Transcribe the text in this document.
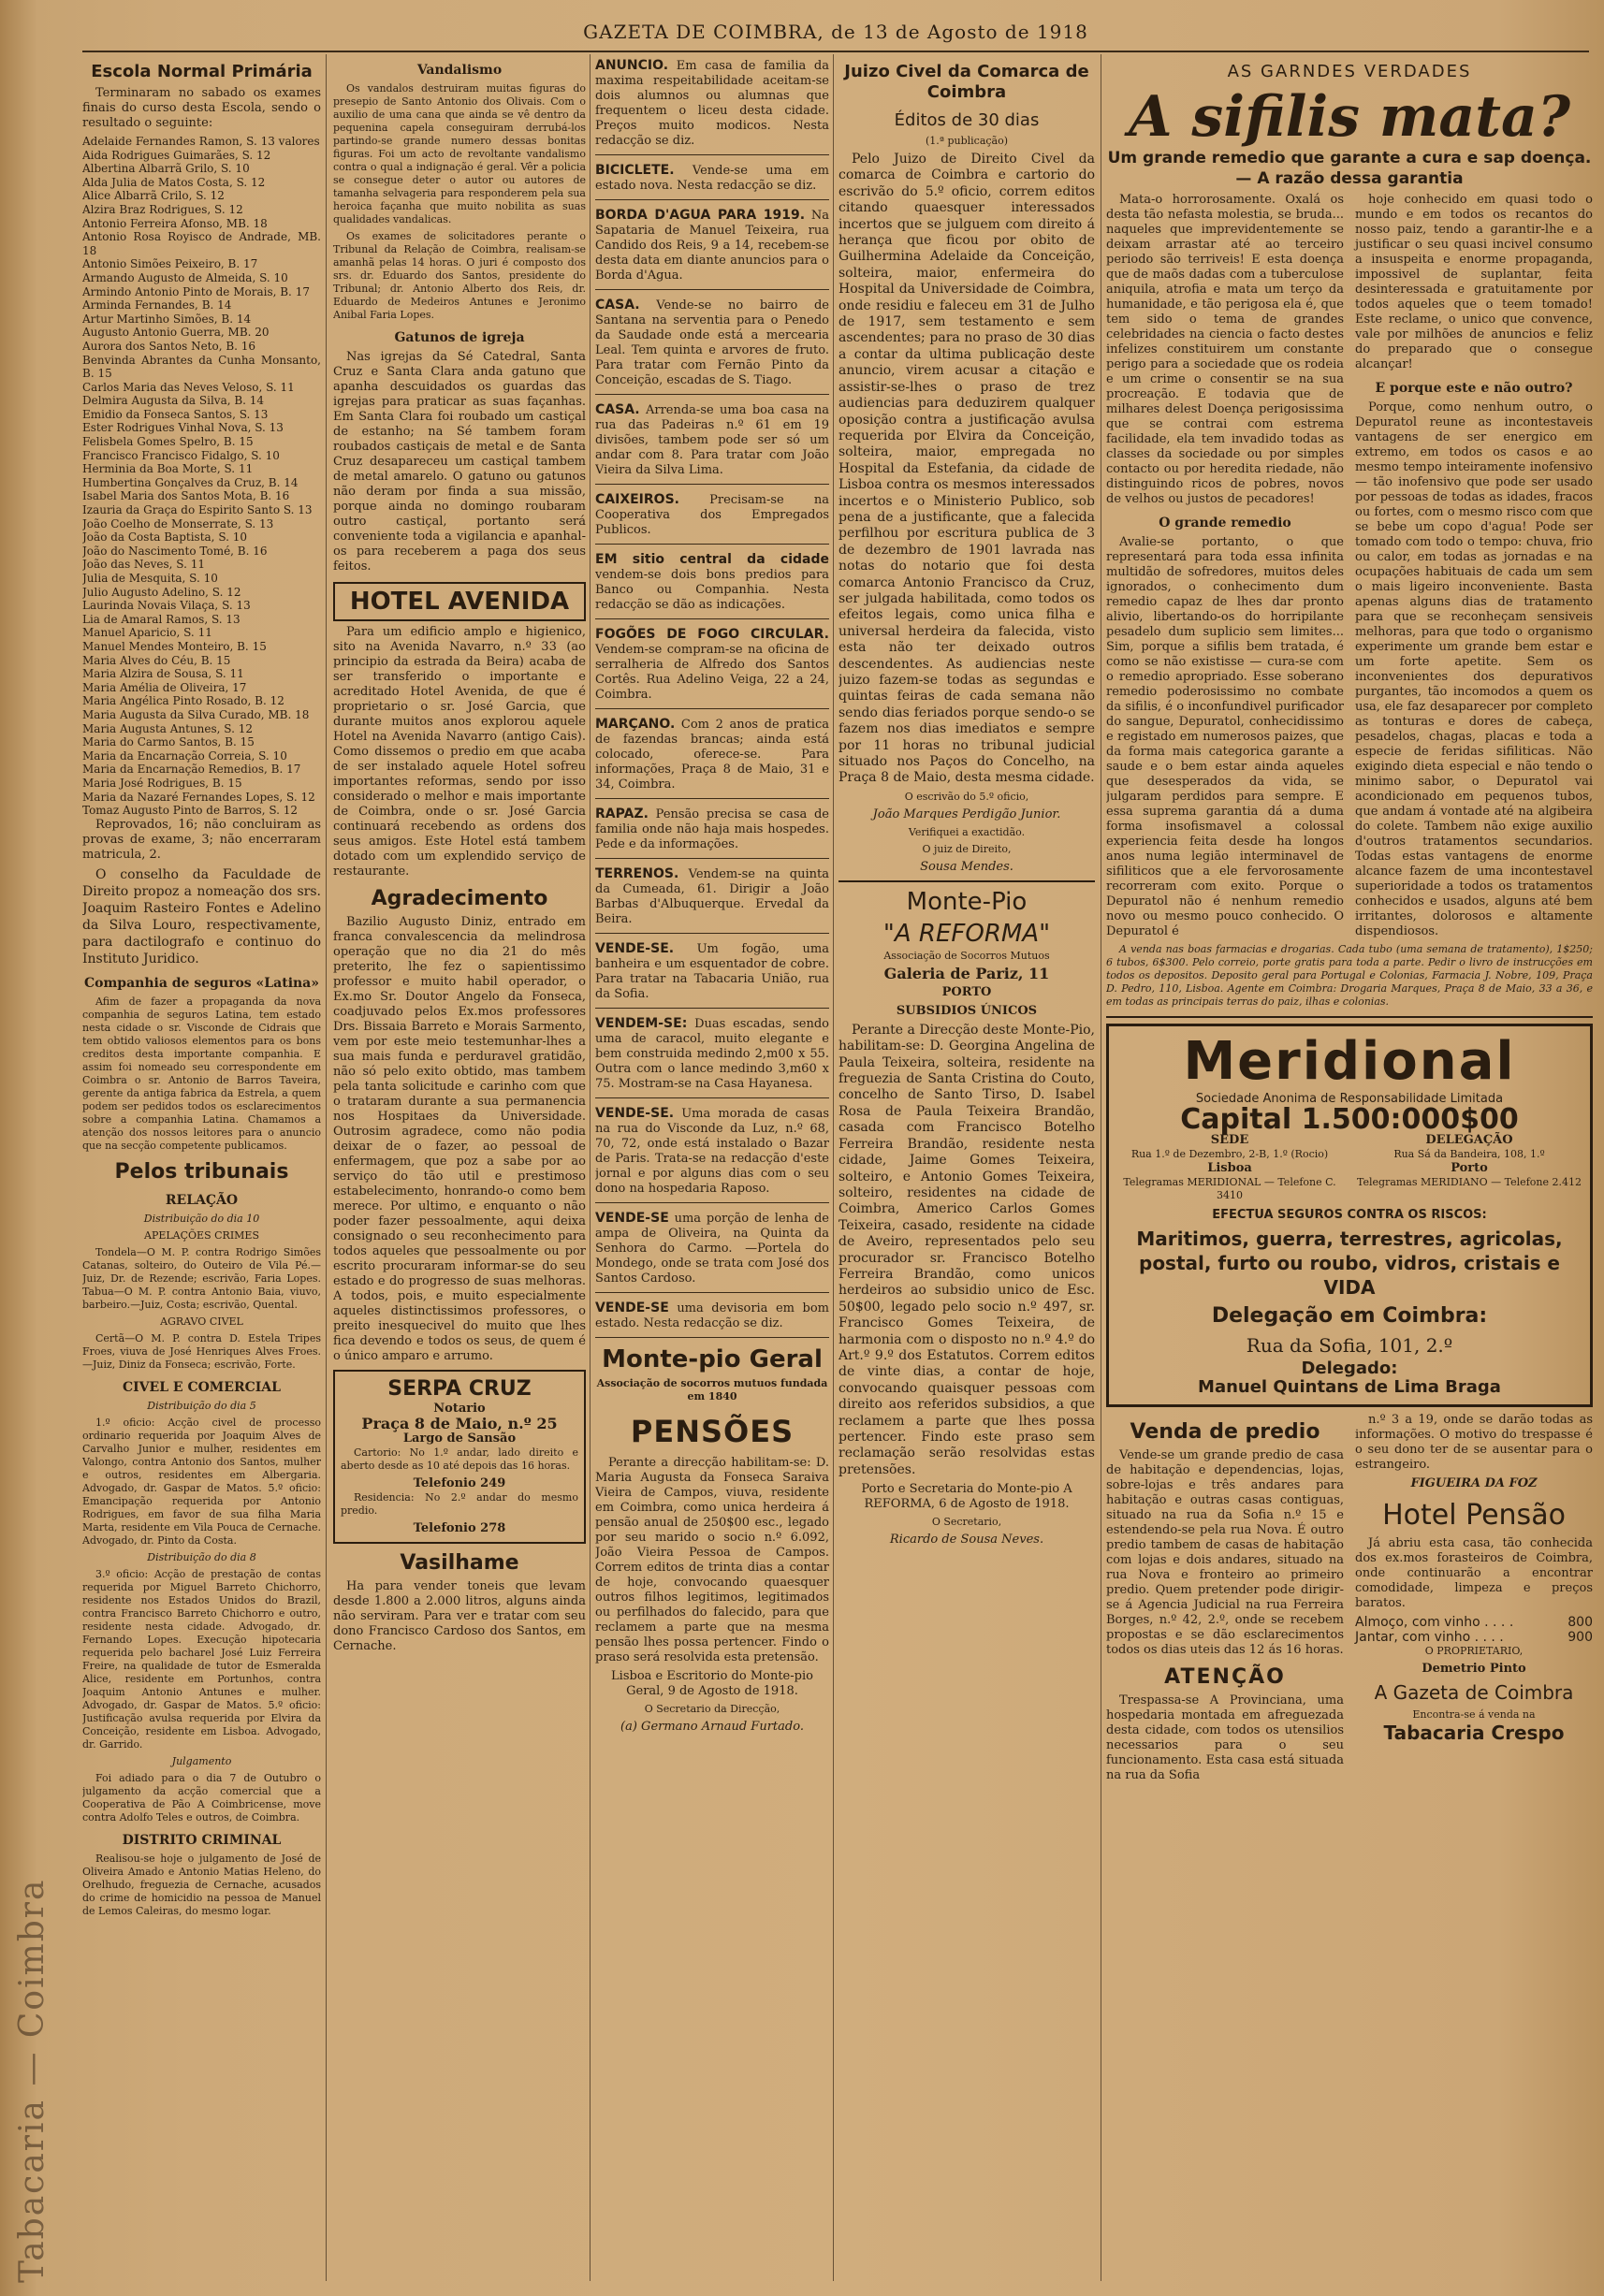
Tabacaria — Coimbra
GAZETA DE COIMBRA, de 13 de Agosto de 1918
Escola Normal Primária

Terminaram no sabado os exames finais do curso desta Escola, sendo o resultado o seguinte:

Adelaide Fernandes Ramon, S. 13 valores
Aida Rodrigues Guimarães, S. 12
Albertina Albarrã Grilo, S. 10
Alda Julia de Matos Costa, S. 12
Alice Albarrã Crilo, S. 12
Alzira Braz Rodrigues, S. 12
Antonio Ferreira Afonso, MB. 18
Antonio Rosa Royisco de Andrade, MB. 18
Antonio Simões Peixeiro, B. 17
Armando Augusto de Almeida, S. 10
Armindo Antonio Pinto de Morais, B. 17
Arminda Fernandes, B. 14
Artur Martinho Simões, B. 14
Augusto Antonio Guerra, MB. 20
Aurora dos Santos Neto, B. 16
Benvinda Abrantes da Cunha Monsanto, B. 15
Carlos Maria das Neves Veloso, S. 11
Delmira Augusta da Silva, B. 14
Emidio da Fonseca Santos, S. 13
Ester Rodrigues Vinhal Nova, S. 13
Felisbela Gomes Spelro, B. 15
Francisco Francisco Fidalgo, S. 10
Herminia da Boa Morte, S. 11
Humbertina Gonçalves da Cruz, B. 14
Isabel Maria dos Santos Mota, B. 16
Izauria da Graça do Espirito Santo S. 13
João Coelho de Monserrate, S. 13
João da Costa Baptista, S. 10
João do Nascimento Tomé, B. 16
João das Neves, S. 11
Julia de Mesquita, S. 10
Julio Augusto Adelino, S. 12
Laurinda Novais Vilaça, S. 13
Lia de Amaral Ramos, S. 13
Manuel Aparicio, S. 11
Manuel Mendes Monteiro, B. 15
Maria Alves do Céu, B. 15
Maria Alzira de Sousa, S. 11
Maria Amélia de Oliveira, 17
Maria Angélica Pinto Rosado, B. 12
Maria Augusta da Silva Curado, MB. 18
Maria Augusta Antunes, S. 12
Maria do Carmo Santos, B. 15
Maria da Encarnação Correia, S. 10
Maria da Encarnação Remedios, B. 17
Maria José Rodrigues, B. 15
Maria da Nazaré Fernandes Lopes, S. 12
Tomaz Augusto Pinto de Barros, S. 12

Reprovados, 16; não concluiram as provas de exame, 3; não encerraram matricula, 2.

O conselho da Faculdade de Direito propoz a nomeação dos srs. Joaquim Rasteiro Fontes e Adelino da Silva Louro, respectivamente, para dactilografo e continuo do Instituto Juridico.

Companhia de seguros «Latina»

Afim de fazer a propaganda da nova companhia de seguros Latina, tem estado nesta cidade o sr. Visconde de Cidrais que tem obtido valiosos elementos para os bons creditos desta importante companhia. E assim foi nomeado seu correspondente em Coimbra o sr. Antonio de Barros Taveira, gerente da antiga fabrica da Estrela, a quem podem ser pedidos todos os esclarecimentos sobre a companhia Latina. Chamamos a atenção dos nossos leitores para o anuncio que na secção competente publicamos.

Pelos tribunais
RELAÇÃO

Distribuição do dia 10

APELAÇÕES CRIMES

Tondela—O M. P. contra Rodrigo Simões Catanas, solteiro, do Outeiro de Vila Pé.—Juiz, Dr. de Rezende; escrivão, Faria Lopes. Tabua—O M. P. contra Antonio Baia, viuvo, barbeiro.—Juiz, Costa; escrivão, Quental.

AGRAVO CIVEL

Certã—O M. P. contra D. Estela Tripes Froes, viuva de José Henriques Alves Froes.—Juiz, Diniz da Fonseca; escrivão, Forte.

CIVEL E COMERCIAL

Distribuição do dia 5

1.º oficio: Acção civel de processo ordinario requerida por Joaquim Alves de Carvalho Junior e mulher, residentes em Valongo, contra Antonio dos Santos, mulher e outros, residentes em Albergaria. Advogado, dr. Gaspar de Matos. 5.º oficio: Emancipação requerida por Antonio Rodrigues, em favor de sua filha Maria Marta, residente em Vila Pouca de Cernache. Advogado, dr. Pinto da Costa.

Distribuição do dia 8

3.º oficio: Acção de prestação de contas requerida por Miguel Barreto Chichorro, residente nos Estados Unidos do Brazil, contra Francisco Barreto Chichorro e outro, residente nesta cidade. Advogado, dr. Fernando Lopes. Execução hipotecaria requerida pelo bacharel José Luiz Ferreira Freire, na qualidade de tutor de Esmeralda Alice, residente em Portunhos, contra Joaquim Antonio Antunes e mulher. Advogado, dr. Gaspar de Matos. 5.º oficio: Justificação avulsa requerida por Elvira da Conceição, residente em Lisboa. Advogado, dr. Garrido.

Julgamento

Foi adiado para o dia 7 de Outubro o julgamento da acção comercial que a Cooperativa de Pão A Coimbricense, move contra Adolfo Teles e outros, de Coimbra.

DISTRITO CRIMINAL

Realisou-se hoje o julgamento de José de Oliveira Amado e Antonio Matias Heleno, do Orelhudo, freguezia de Cernache, acusados do crime de homicidio na pessoa de Manuel de Lemos Caleiras, do mesmo logar.

Vandalismo

Os vandalos destruiram muitas figuras do presepio de Santo Antonio dos Olivais. Com o auxilio de uma cana que ainda se vê dentro da pequenina capela conseguiram derrubá-los partindo-se grande numero dessas bonitas figuras. Foi um acto de revoltante vandalismo contra o qual a indignação é geral. Vêr a policia se consegue deter o autor ou autores de tamanha selvageria para responderem pela sua heroica façanha que muito nobilita as suas qualidades vandalicas.

Os exames de solicitadores perante o Tribunal da Relação de Coimbra, realisam-se amanhã pelas 14 horas. O juri é composto dos srs. dr. Eduardo dos Santos, presidente do Tribunal; dr. Antonio Alberto dos Reis, dr. Eduardo de Medeiros Antunes e Jeronimo Anibal Faria Lopes.

Gatunos de igreja

Nas igrejas da Sé Catedral, Santa Cruz e Santa Clara anda gatuno que apanha descuidados os guardas das igrejas para praticar as suas façanhas. Em Santa Clara foi roubado um castiçal de estanho; na Sé tambem foram roubados castiçais de metal e de Santa Cruz desapareceu um castiçal tambem de metal amarelo. O gatuno ou gatunos não deram por finda a sua missão, porque ainda no domingo roubaram outro castiçal, portanto será conveniente toda a vigilancia e apanhal-os para receberem a paga dos seus feitos.

HOTEL AVENIDA

Para um edificio amplo e higienico, sito na Avenida Navarro, n.º 33 (ao principio da estrada da Beira) acaba de ser transferido o importante e acreditado Hotel Avenida, de que é proprietario o sr. José Garcia, que durante muitos anos explorou aquele Hotel na Avenida Navarro (antigo Cais). Como dissemos o predio em que acaba de ser instalado aquele Hotel sofreu importantes reformas, sendo por isso considerado o melhor e mais importante de Coimbra, onde o sr. José Garcia continuará recebendo as ordens dos seus amigos. Este Hotel está tambem dotado com um explendido serviço de restaurante.

Agradecimento

Bazilio Augusto Diniz, entrado em franca convalescencia da melindrosa operação que no dia 21 do mês preterito, lhe fez o sapientissimo professor e muito habil operador, o Ex.mo Sr. Doutor Angelo da Fonseca, coadjuvado pelos Ex.mos professores Drs. Bissaia Barreto e Morais Sarmento, vem por este meio testemunhar-lhes a sua mais funda e perduravel gratidão, não só pelo exito obtido, mas tambem pela tanta solicitude e carinho com que o trataram durante a sua permanencia nos Hospitaes da Universidade. Outrosim agradece, como não podia deixar de o fazer, ao pessoal de enfermagem, que poz a sabe por ao serviço do tão util e prestimoso estabelecimento, honrando-o como bem merece. Por ultimo, e enquanto o não poder fazer pessoalmente, aqui deixa consignado o seu reconhecimento para todos aqueles que pessoalmente ou por escrito procuraram informar-se do seu estado e do progresso de suas melhoras. A todos, pois, e muito especialmente aqueles distinctissimos professores, o preito inesquecivel do muito que lhes fica devendo e todos os seus, de quem é o único amparo e arrumo.

SERPA CRUZ
Notario
Praça 8 de Maio, n.º 25
Largo de Sansão

Cartorio: No 1.º andar, lado direito e aberto desde as 10 até depois das 16 horas.

Telefonio 249

Residencia: No 2.º andar do mesmo predio.

Telefonio 278
Vasilhame

Ha para vender toneis que levam desde 1.800 a 2.000 litros, alguns ainda não serviram. Para ver e tratar com seu dono Francisco Cardoso dos Santos, em Cernache.

ANUNCIO. Em casa de familia da maxima respeitabilidade aceitam-se dois alumnos ou alumnas que frequentem o liceu desta cidade. Preços muito modicos. Nesta redacção se diz.
BICICLETE. Vende-se uma em estado nova. Nesta redacção se diz.
BORDA D'AGUA PARA 1919. Na Sapataria de Manuel Teixeira, rua Candido dos Reis, 9 a 14, recebem-se desta data em diante anuncios para o Borda d'Agua.
CASA. Vende-se no bairro de Santana na serventia para o Penedo da Saudade onde está a mercearia Leal. Tem quinta e arvores de fruto. Para tratar com Fernão Pinto da Conceição, escadas de S. Tiago.
CASA. Arrenda-se uma boa casa na rua das Padeiras n.º 61 em 19 divisões, tambem pode ser só um andar com 8. Para tratar com João Vieira da Silva Lima.
CAIXEIROS. Precisam-se na Cooperativa dos Empregados Publicos.
EM sitio central da cidade vendem-se dois bons predios para Banco ou Companhia. Nesta redacção se dão as indicações.
FOGÕES DE FOGO CIRCULAR. Vendem-se compram-se na oficina de serralheria de Alfredo dos Santos Cortês. Rua Adelino Veiga, 22 a 24, Coimbra.
MARÇANO. Com 2 anos de pratica de fazendas brancas; ainda está colocado, oferece-se. Para informações, Praça 8 de Maio, 31 e 34, Coimbra.
RAPAZ. Pensão precisa se casa de familia onde não haja mais hospedes. Pede e da informações.
TERRENOS. Vendem-se na quinta da Cumeada, 61. Dirigir a João Barbas d'Albuquerque. Ervedal da Beira.
VENDE-SE. Um fogão, uma banheira e um esquentador de cobre. Para tratar na Tabacaria União, rua da Sofia.
VENDEM-SE: Duas escadas, sendo uma de caracol, muito elegante e bem construida medindo 2,m00 x 55. Outra com o lance medindo 3,m60 x 75. Mostram-se na Casa Hayanesa.
VENDE-SE. Uma morada de casas na rua do Visconde da Luz, n.º 68, 70, 72, onde está instalado o Bazar de Paris. Trata-se na redacção d'este jornal e por alguns dias com o seu dono na hospedaria Raposo.
VENDE-SE uma porção de lenha de ampa de Oliveira, na Quinta da Senhora do Carmo. —Portela do Mondego, onde se trata com José dos Santos Cardoso.
VENDE-SE uma devisoria em bom estado. Nesta redacção se diz.
Monte-pio Geral

Associação de socorros mutuos fundada em 1840

PENSÕES

Perante a direcção habilitam-se: D. Maria Augusta da Fonseca Saraiva Vieira de Campos, viuva, residente em Coimbra, como unica herdeira á pensão anual de 250$00 esc., legado por seu marido o socio n.º 6.092, João Vieira Pessoa de Campos. Correm editos de trinta dias a contar de hoje, convocando quaesquer outros filhos legitimos, legitimados ou perfilhados do falecido, para que reclamem a parte que na mesma pensão lhes possa pertencer. Findo o praso será resolvida esta pretensão.

Lisboa e Escritorio do Monte-pio Geral, 9 de Agosto de 1918.

O Secretario da Direcção,

(a) Germano Arnaud Furtado.

Juizo Civel da Comarca de Coimbra
Éditos de 30 dias

(1.ª publicação)

Pelo Juizo de Direito Civel da comarca de Coimbra e cartorio do escrivão do 5.º oficio, correm editos citando quaesquer interessados incertos que se julguem com direito á herança que ficou por obito de Guilhermina Adelaide da Conceição, solteira, maior, enfermeira do Hospital da Universidade de Coimbra, onde residiu e faleceu em 31 de Julho de 1917, sem testamento e sem ascendentes; para no praso de 30 dias a contar da ultima publicação deste anuncio, virem acusar a citação e assistir-se-lhes o praso de trez audiencias para deduzirem qualquer oposição contra a justificação avulsa requerida por Elvira da Conceição, solteira, maior, empregada no Hospital da Estefania, da cidade de Lisboa contra os mesmos interessados incertos e o Ministerio Publico, sob pena de a justificante, que a falecida perfilhou por escritura publica de 3 de dezembro de 1901 lavrada nas notas do notario que foi desta comarca Antonio Francisco da Cruz, ser julgada habilitada, como todos os efeitos legais, como unica filha e universal herdeira da falecida, visto esta não ter deixado outros descendentes. As audiencias neste juizo fazem-se todas as segundas e quintas feiras de cada semana não sendo dias feriados porque sendo-o se fazem nos dias imediatos e sempre por 11 horas no tribunal judicial situado nos Paços do Concelho, na Praça 8 de Maio, desta mesma cidade.

O escrivão do 5.º oficio,

João Marques Perdigão Junior.

Verifiquei a exactidão.

O juiz de Direito,

Sousa Mendes.

Monte-Pio
"A REFORMA"

Associação de Socorros Mutuos

Galeria de Pariz, 11

PORTO

SUBSIDIOS ÚNICOS

Perante a Direcção deste Monte-Pio, habilitam-se: D. Georgina Angelina de Paula Teixeira, solteira, residente na freguezia de Santa Cristina do Couto, concelho de Santo Tirso, D. Isabel Rosa de Paula Teixeira Brandão, casada com Francisco Botelho Ferreira Brandão, residente nesta cidade, Jaime Gomes Teixeira, solteiro, e Antonio Gomes Teixeira, solteiro, residentes na cidade de Coimbra, Americo Carlos Gomes Teixeira, casado, residente na cidade de Aveiro, representados pelo seu procurador sr. Francisco Botelho Ferreira Brandão, como unicos herdeiros ao subsidio unico de Esc. 50$00, legado pelo socio n.º 497, sr. Francisco Gomes Teixeira, de harmonia com o disposto no n.º 4.º do Art.º 9.º dos Estatutos. Correm editos de vinte dias, a contar de hoje, convocando quaisquer pessoas com direito aos referidos subsidios, a que reclamem a parte que lhes possa pertencer. Findo este praso sem reclamação serão resolvidas estas pretensões.

Porto e Secretaria do Monte-pio A REFORMA, 6 de Agosto de 1918.

O Secretario,

Ricardo de Sousa Neves.

AS GARNDES VERDADES
A sifilis mata?

Um grande remedio que garante a cura e sap doença. — A razão dessa garantia

Mata-o horrorosamente. Oxalá os desta tão nefasta molestia, se bruda... naqueles que imprevidentemente se deixam arrastar até ao terceiro periodo são terriveis! E esta doença que de maõs dadas com a tuberculose aniquila, atrofia e mata um terço da humanidade, e tão perigosa ela é, que tem sido o tema de grandes celebridades na ciencia o facto destes infelizes constituirem um constante perigo para a sociedade que os rodeia e um crime o consentir se na sua procreação. E todavia que de milhares delest Doença perigosissima que se contrai com estrema facilidade, ela tem invadido todas as classes da sociedade ou por simples contacto ou por heredita riedade, não distinguindo ricos de pobres, novos de velhos ou justos de pecadores!

O grande remedio

Avalie-se portanto, o que representará para toda essa infinita multidão de sofredores, muitos deles ignorados, o conhecimento dum remedio capaz de lhes dar pronto alivio, libertando-os do horripilante pesadelo dum suplicio sem limites... Sim, porque a sifilis bem tratada, é como se não existisse — cura-se com o remedio apropriado. Esse soberano remedio poderosissimo no combate da sifilis, é o inconfundivel purificador do sangue, Depuratol, conhecidissimo e registado em numerosos paizes, que da forma mais categorica garante a saude e o bem estar ainda aqueles que desesperados da vida, se julgaram perdidos para sempre. E essa suprema garantia dá a duma forma insofismavel a colossal experiencia feita desde ha longos anos numa legião interminavel de sifiliticos que a ele fervorosamente recorreram com exito. Porque o Depuratol não é nenhum remedio novo ou mesmo pouco conhecido. O Depuratol é

hoje conhecido em quasi todo o mundo e em todos os recantos do nosso paiz, tendo a garantir-lhe e a justificar o seu quasi incivel consumo a insuspeita e enorme propaganda, impossivel de suplantar, feita desinteressada e gratuitamente por todos aqueles que o teem tomado! Este reclame, o unico que convence, vale por milhões de anuncios e feliz do preparado que o consegue alcançar!

E porque este e não outro?

Porque, como nenhum outro, o Depuratol reune as incontestaveis vantagens de ser energico em extremo, em todos os casos e ao mesmo tempo inteiramente inofensivo — tão inofensivo que pode ser usado por pessoas de todas as idades, fracos ou fortes, com o mesmo risco com que se bebe um copo d'agua! Pode ser tomado com todo o tempo: chuva, frio ou calor, em todas as jornadas e na ocupações habituais de cada um sem o mais ligeiro inconveniente. Basta apenas alguns dias de tratamento para que se reconheçam sensiveis melhoras, para que todo o organismo experimente um grande bem estar e um forte apetite. Sem os inconvenientes dos depurativos purgantes, tão incomodos a quem os usa, ele faz desaparecer por completo as tonturas e dores de cabeça, pesadelos, chagas, placas e toda a especie de feridas sifiliticas. Não exigindo dieta especial e não tendo o minimo sabor, o Depuratol vai acondicionado em pequenos tubos, que andam á vontade até na algibeira do colete. Tambem não exige auxilio d'outros tratamentos secundarios. Todas estas vantagens de enorme alcance fazem de uma incontestavel superioridade a todos os tratamentos conhecidos e usados, alguns até bem irritantes, dolorosos e altamente dispendiosos.

A venda nas boas farmacias e drogarias. Cada tubo (uma semana de tratamento), 1$250; 6 tubos, 6$300. Pelo correio, porte gratis para toda a parte. Pedir o livro de instrucções em todos os depositos. Deposito geral para Portugal e Colonias, Farmacia J. Nobre, 109, Praça D. Pedro, 110, Lisboa. Agente em Coimbra: Drogaria Marques, Praça 8 de Maio, 33 a 36, e em todas as principais terras do paiz, ilhas e colonias.

Meridional

Sociedade Anonima de Responsabilidade Limitada

Capital 1.500:000$00
SÉDE
Rua 1.º de Dezembro, 2-B, 1.º (Rocio)
Lisboa
Telegramas MERIDIONAL — Telefone C. 3410
DELEGAÇÃO
Rua Sá da Bandeira, 108, 1.º
Porto
Telegramas MERIDIANO — Telefone 2.412

EFECTUA SEGUROS CONTRA OS RISCOS:

Maritimos, guerra, terrestres, agricolas, postal, furto ou roubo, vidros, cristais e VIDA

Delegação em Coimbra:

Rua da Sofia, 101, 2.º

Delegado:

Manuel Quintans de Lima Braga

Venda de predio

Vende-se um grande predio de casa de habitação e dependencias, lojas, sobre-lojas e três andares para habitação e outras casas contiguas, situado na rua da Sofia n.º 15 e estendendo-se pela rua Nova. É outro predio tambem de casas de habitação com lojas e dois andares, situado na rua Nova e fronteiro ao primeiro predio. Quem pretender pode dirigir-se á Agencia Judicial na rua Ferreira Borges, n.º 42, 2.º, onde se recebem propostas e se dão esclarecimentos todos os dias uteis das 12 ás 16 horas.

ATENÇÃO

Trespassa-se A Provinciana, uma hospedaria montada em afreguezada desta cidade, com todos os utensilios necessarios para o seu funcionamento. Esta casa está situada na rua da Sofia

n.º 3 a 19, onde se darão todas as informações. O motivo do trespasse é o seu dono ter de se ausentar para o estrangeiro.

FIGUEIRA DA FOZ

Hotel Pensão

Já abriu esta casa, tão conhecida dos ex.mos forasteiros de Coimbra, onde continuarão a encontrar comodidade, limpeza e preços baratos.

Almoço, com vinho . . . .	800
Jantar, com vinho . . . .	900

O PROPRIETARIO,

Demetrio Pinto

A Gazeta de Coimbra

Encontra-se á venda na

Tabacaria Crespo
